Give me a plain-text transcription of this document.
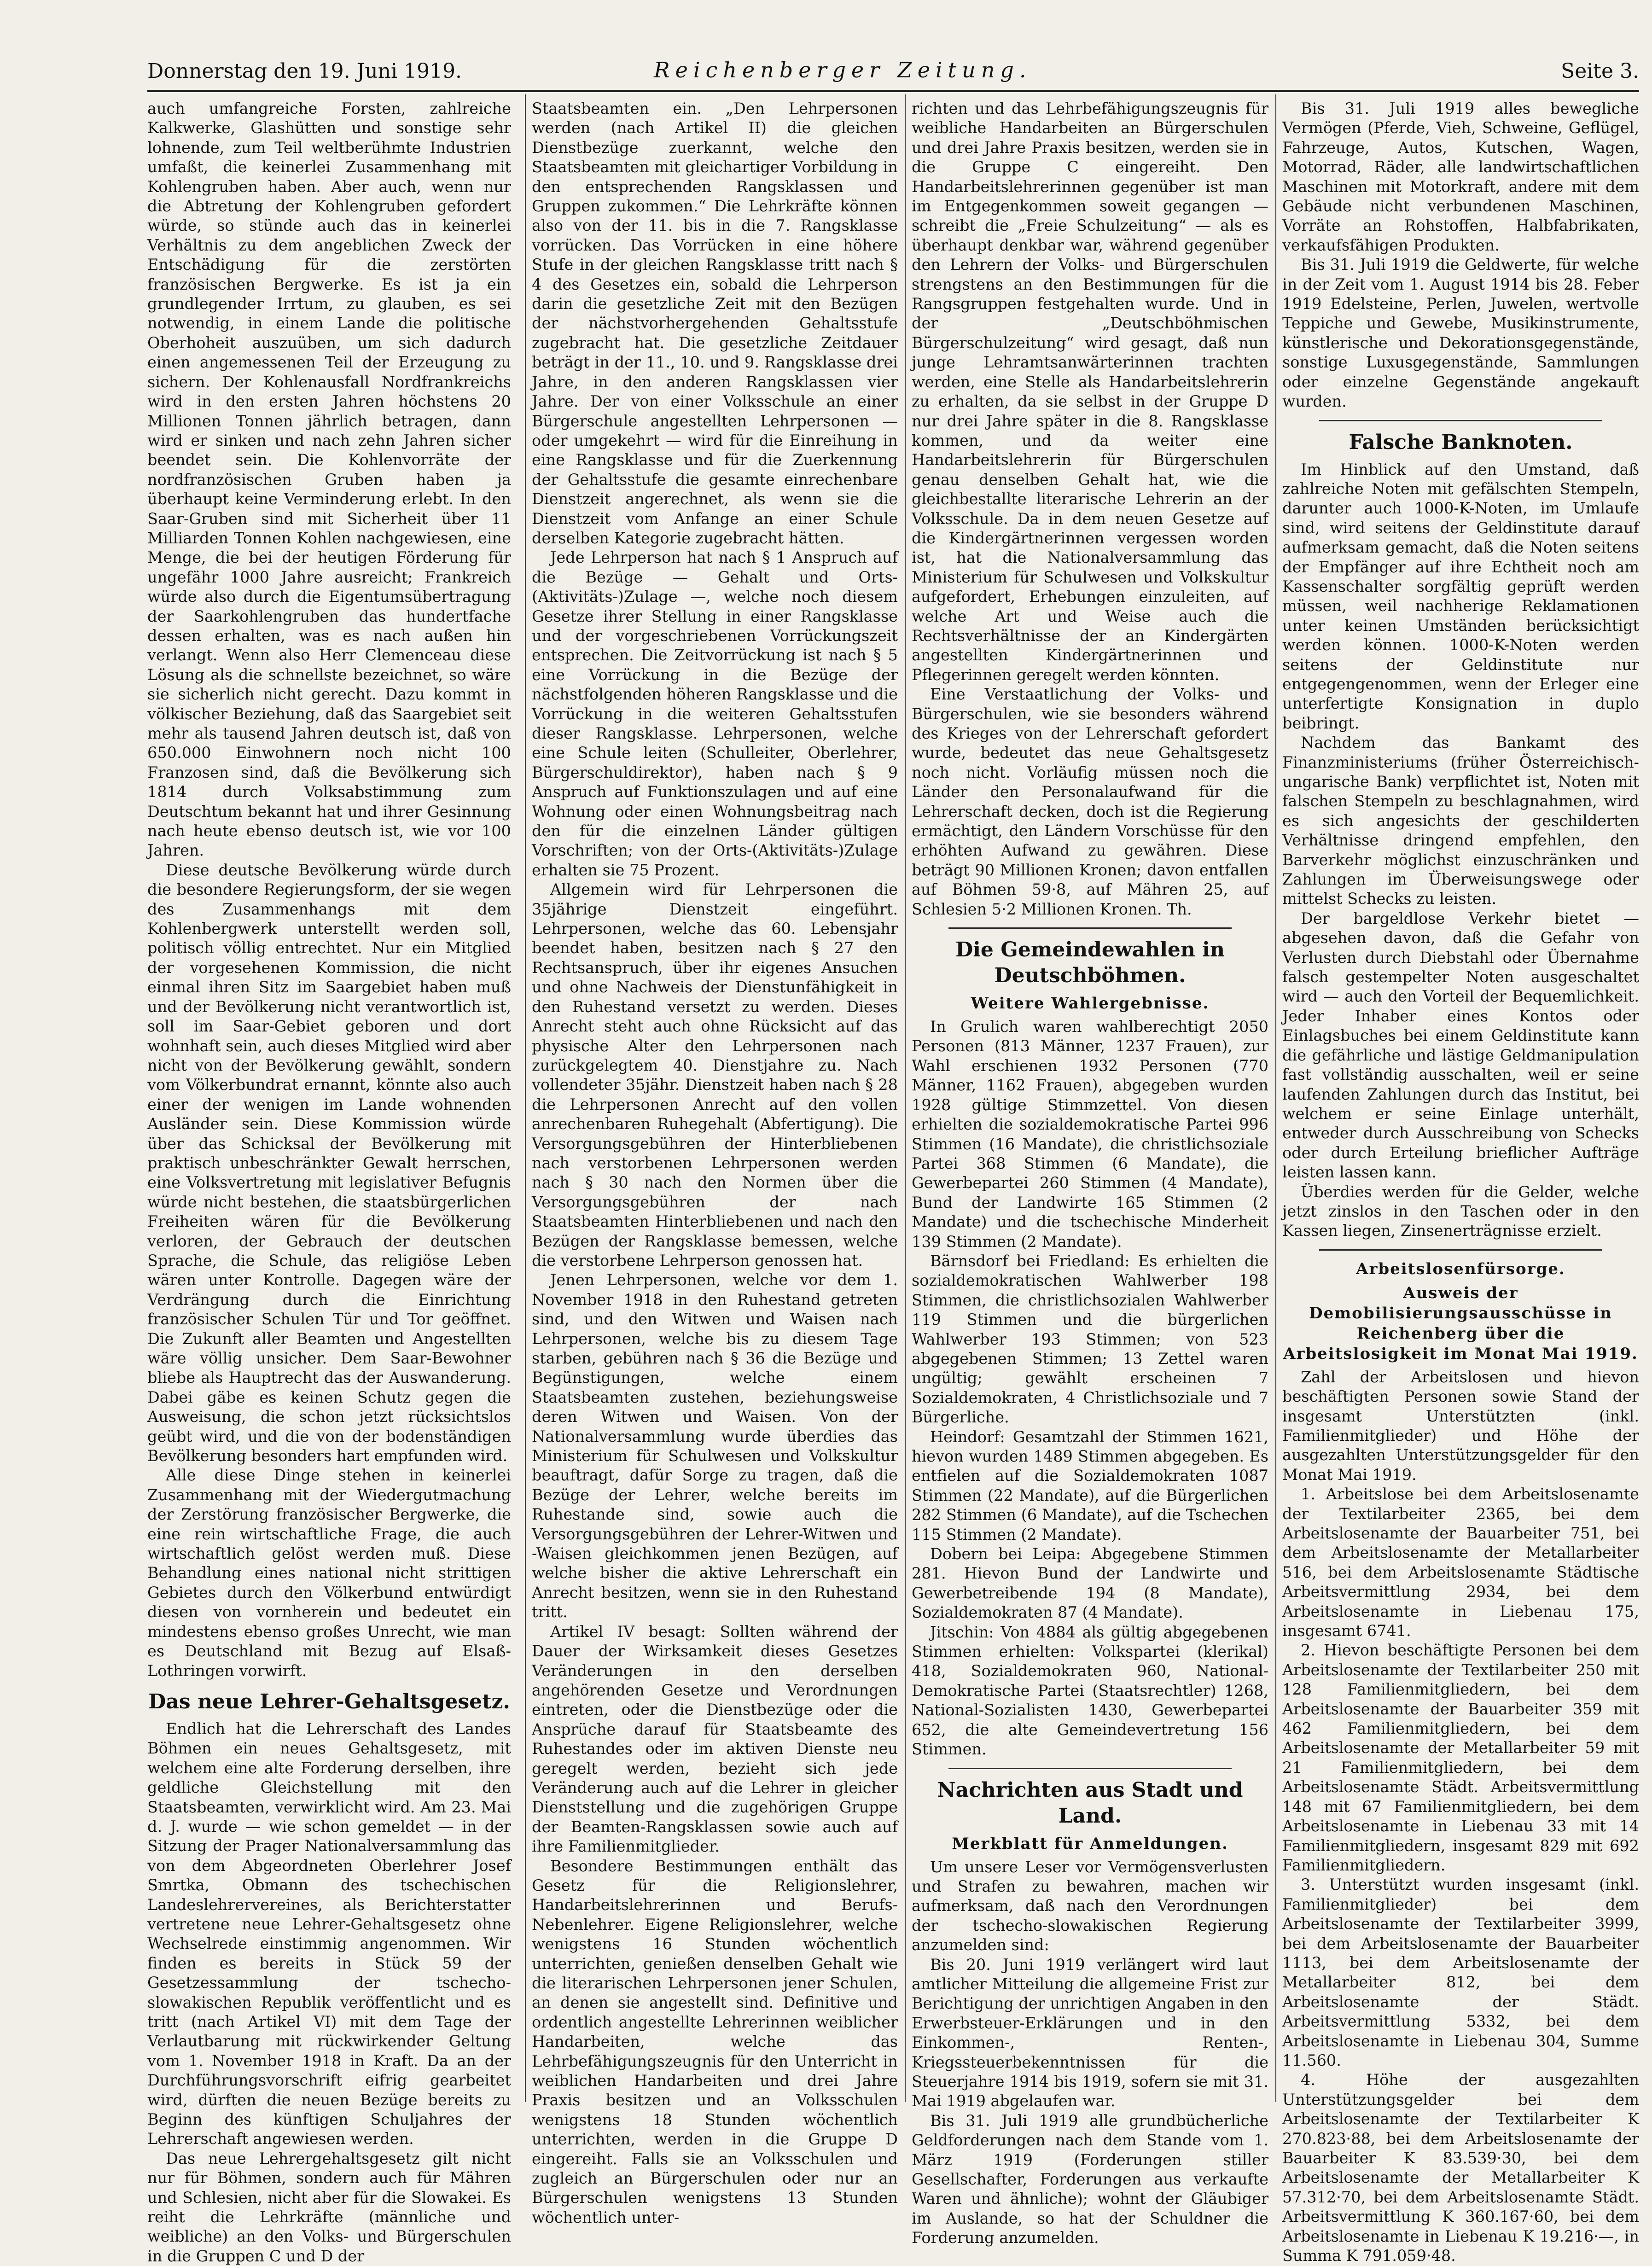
Donnerstag den 19. Juni 1919.	Reichenberger Zeitung.	Seite 3.

auch umfangreiche Forsten, zahlreiche Kalkwerke, Glashütten und sonstige sehr lohnende, zum Teil weltberühmte Industrien umfaßt, die keinerlei Zusammenhang mit Kohlengruben haben. Aber auch, wenn nur die Abtretung der Kohlengruben gefordert würde, so stünde auch das in keinerlei Verhältnis zu dem angeblichen Zweck der Entschädigung für die zerstörten französischen Bergwerke. Es ist ja ein grundlegender Irrtum, zu glauben, es sei notwendig, in einem Lande die politische Oberhoheit auszuüben, um sich dadurch einen angemessenen Teil der Erzeugung zu sichern. Der Kohlenausfall Nordfrankreichs wird in den ersten Jahren höchstens 20 Millionen Tonnen jährlich betragen, dann wird er sinken und nach zehn Jahren sicher beendet sein. Die Kohlenvorräte der nordfranzösischen Gruben haben ja überhaupt keine Verminderung erlebt. In den Saar-Gruben sind mit Sicherheit über 11 Milliarden Tonnen Kohlen nachgewiesen, eine Menge, die bei der heutigen Förderung für ungefähr 1000 Jahre ausreicht; Frankreich würde also durch die Eigentumsübertragung der Saarkohlengruben das hundertfache dessen erhalten, was es nach außen hin verlangt. Wenn also Herr Clemenceau diese Lösung als die schnellste bezeichnet, so wäre sie sicherlich nicht gerecht. Dazu kommt in völkischer Beziehung, daß das Saargebiet seit mehr als tausend Jahren deutsch ist, daß von 650.000 Einwohnern noch nicht 100 Franzosen sind, daß die Bevölkerung sich 1814 durch Volksabstimmung zum Deutschtum bekannt hat und ihrer Gesinnung nach heute ebenso deutsch ist, wie vor 100 Jahren.

Diese deutsche Bevölkerung würde durch die besondere Regierungsform, der sie wegen des Zusammenhangs mit dem Kohlenbergwerk unterstellt werden soll, politisch völlig entrechtet. Nur ein Mitglied der vorgesehenen Kommission, die nicht einmal ihren Sitz im Saargebiet haben muß und der Bevölkerung nicht verantwortlich ist, soll im Saar-Gebiet geboren und dort wohnhaft sein, auch dieses Mitglied wird aber nicht von der Bevölkerung gewählt, sondern vom Völkerbundrat ernannt, könnte also auch einer der wenigen im Lande wohnenden Ausländer sein. Diese Kommission würde über das Schicksal der Bevölkerung mit praktisch unbeschränkter Gewalt herrschen, eine Volksvertretung mit legislativer Befugnis würde nicht bestehen, die staatsbürgerlichen Freiheiten wären für die Bevölkerung verloren, der Gebrauch der deutschen Sprache, die Schule, das religiöse Leben wären unter Kontrolle. Dagegen wäre der Verdrängung durch die Einrichtung französischer Schulen Tür und Tor geöffnet. Die Zukunft aller Beamten und Angestellten wäre völlig unsicher. Dem Saar-Bewohner bliebe als Hauptrecht das der Auswanderung. Dabei gäbe es keinen Schutz gegen die Ausweisung, die schon jetzt rücksichtslos geübt wird, und die von der bodenständigen Bevölkerung besonders hart empfunden wird.

Alle diese Dinge stehen in keinerlei Zusammenhang mit der Wiedergutmachung der Zerstörung französischer Bergwerke, die eine rein wirtschaftliche Frage, die auch wirtschaftlich gelöst werden muß. Diese Behandlung eines national nicht strittigen Gebietes durch den Völkerbund entwürdigt diesen von vornherein und bedeutet ein mindestens ebenso großes Unrecht, wie man es Deutschland mit Bezug auf Elsaß-Lothringen vorwirft.

Das neue Lehrer-Gehaltsgesetz.

Endlich hat die Lehrerschaft des Landes Böhmen ein neues Gehaltsgesetz, mit welchem eine alte Forderung derselben, ihre geldliche Gleichstellung mit den Staatsbeamten, verwirklicht wird. Am 23. Mai d. J. wurde — wie schon gemeldet — in der Sitzung der Prager Nationalversammlung das von dem Abgeordneten Oberlehrer Josef Smrtka, Obmann des tschechischen Landeslehrervereines, als Berichterstatter vertretene neue Lehrer-Gehaltsgesetz ohne Wechselrede einstimmig angenommen. Wir finden es bereits in Stück 59 der Gesetzessammlung der tschecho-slowakischen Republik veröffentlicht und es tritt (nach Artikel VI) mit dem Tage der Verlautbarung mit rückwirkender Geltung vom 1. November 1918 in Kraft. Da an der Durchführungsvorschrift eifrig gearbeitet wird, dürften die neuen Bezüge bereits zu Beginn des künftigen Schuljahres der Lehrerschaft angewiesen werden.

Das neue Lehrergehaltsgesetz gilt nicht nur für Böhmen, sondern auch für Mähren und Schlesien, nicht aber für die Slowakei. Es reiht die Lehrkräfte (männliche und weibliche) an den Volks- und Bürgerschulen in die Gruppen C und D der

Staatsbeamten ein. „Den Lehrpersonen werden (nach Artikel II) die gleichen Dienstbezüge zuerkannt, welche den Staatsbeamten mit gleichartiger Vorbildung in den entsprechenden Rangsklassen und Gruppen zukommen.“ Die Lehrkräfte können also von der 11. bis in die 7. Rangsklasse vorrücken. Das Vorrücken in eine höhere Stufe in der gleichen Rangsklasse tritt nach § 4 des Gesetzes ein, sobald die Lehrperson darin die gesetzliche Zeit mit den Bezügen der nächstvorhergehenden Gehaltsstufe zugebracht hat. Die gesetzliche Zeitdauer beträgt in der 11., 10. und 9. Rangsklasse drei Jahre, in den anderen Rangsklassen vier Jahre. Der von einer Volksschule an einer Bürgerschule angestellten Lehrpersonen — oder umgekehrt — wird für die Einreihung in eine Rangsklasse und für die Zuerkennung der Gehaltsstufe die gesamte einrechenbare Dienstzeit angerechnet, als wenn sie die Dienstzeit vom Anfange an einer Schule derselben Kategorie zugebracht hätten.

Jede Lehrperson hat nach § 1 Anspruch auf die Bezüge — Gehalt und Orts-(Aktivitäts-)Zulage —, welche noch diesem Gesetze ihrer Stellung in einer Rangsklasse und der vorgeschriebenen Vorrückungszeit entsprechen. Die Zeitvorrückung ist nach § 5 eine Vorrückung in die Bezüge der nächstfolgenden höheren Rangsklasse und die Vorrückung in die weiteren Gehaltsstufen dieser Rangsklasse. Lehrpersonen, welche eine Schule leiten (Schulleiter, Oberlehrer, Bürgerschuldirektor), haben nach § 9 Anspruch auf Funktionszulagen und auf eine Wohnung oder einen Wohnungsbeitrag nach den für die einzelnen Länder gültigen Vorschriften; von der Orts-(Aktivitäts-)Zulage erhalten sie 75 Prozent.

Allgemein wird für Lehrpersonen die 35jährige Dienstzeit eingeführt. Lehrpersonen, welche das 60. Lebensjahr beendet haben, besitzen nach § 27 den Rechtsanspruch, über ihr eigenes Ansuchen und ohne Nachweis der Dienstunfähigkeit in den Ruhestand versetzt zu werden. Dieses Anrecht steht auch ohne Rücksicht auf das physische Alter den Lehrpersonen nach zurückgelegtem 40. Dienstjahre zu. Nach vollendeter 35jähr. Dienstzeit haben nach § 28 die Lehrpersonen Anrecht auf den vollen anrechenbaren Ruhegehalt (Abfertigung). Die Versorgungsgebühren der Hinterbliebenen nach verstorbenen Lehrpersonen werden nach § 30 nach den Normen über die Versorgungsgebühren der nach Staatsbeamten Hinterbliebenen und nach den Bezügen der Rangsklasse bemessen, welche die verstorbene Lehrperson genossen hat.

Jenen Lehrpersonen, welche vor dem 1. November 1918 in den Ruhestand getreten sind, und den Witwen und Waisen nach Lehrpersonen, welche bis zu diesem Tage starben, gebühren nach § 36 die Bezüge und Begünstigungen, welche einem Staatsbeamten zustehen, beziehungsweise deren Witwen und Waisen. Von der Nationalversammlung wurde überdies das Ministerium für Schulwesen und Volkskultur beauftragt, dafür Sorge zu tragen, daß die Bezüge der Lehrer, welche bereits im Ruhestande sind, sowie auch die Versorgungsgebühren der Lehrer-Witwen und -Waisen gleichkommen jenen Bezügen, auf welche bisher die aktive Lehrerschaft ein Anrecht besitzen, wenn sie in den Ruhestand tritt.

Artikel IV besagt: Sollten während der Dauer der Wirksamkeit dieses Gesetzes Veränderungen in den derselben angehörenden Gesetze und Verordnungen eintreten, oder die Dienstbezüge oder die Ansprüche darauf für Staatsbeamte des Ruhestandes oder im aktiven Dienste neu geregelt werden, bezieht sich jede Veränderung auch auf die Lehrer in gleicher Dienststellung und die zugehörigen Gruppe der Beamten-Rangsklassen sowie auch auf ihre Familienmitglieder.

Besondere Bestimmungen enthält das Gesetz für die Religionslehrer, Handarbeitslehrerinnen und Berufs-Nebenlehrer. Eigene Religionslehrer, welche wenigstens 16 Stunden wöchentlich unterrichten, genießen denselben Gehalt wie die literarischen Lehrpersonen jener Schulen, an denen sie angestellt sind. Definitive und ordentlich angestellte Lehrerinnen weiblicher Handarbeiten, welche das Lehrbefähigungszeugnis für den Unterricht in weiblichen Handarbeiten und drei Jahre Praxis besitzen und an Volksschulen wenigstens 18 Stunden wöchentlich unterrichten, werden in die Gruppe D eingereiht. Falls sie an Volksschulen und zugleich an Bürgerschulen oder nur an Bürgerschulen wenigstens 13 Stunden wöchentlich unter-

richten und das Lehrbefähigungszeugnis für weibliche Handarbeiten an Bürgerschulen und drei Jahre Praxis besitzen, werden sie in die Gruppe C eingereiht. Den Handarbeitslehrerinnen gegenüber ist man im Entgegenkommen soweit gegangen — schreibt die „Freie Schulzeitung“ — als es überhaupt denkbar war, während gegenüber den Lehrern der Volks- und Bürgerschulen strengstens an den Bestimmungen für die Rangsgruppen festgehalten wurde. Und in der „Deutschböhmischen Bürgerschulzeitung“ wird gesagt, daß nun junge Lehramtsanwärterinnen trachten werden, eine Stelle als Handarbeitslehrerin zu erhalten, da sie selbst in der Gruppe D nur drei Jahre später in die 8. Rangsklasse kommen, und da weiter eine Handarbeitslehrerin für Bürgerschulen genau denselben Gehalt hat, wie die gleichbestallte literarische Lehrerin an der Volksschule. Da in dem neuen Gesetze auf die Kindergärtnerinnen vergessen worden ist, hat die Nationalversammlung das Ministerium für Schulwesen und Volkskultur aufgefordert, Erhebungen einzuleiten, auf welche Art und Weise auch die Rechtsverhältnisse der an Kindergärten angestellten Kindergärtnerinnen und Pflegerinnen geregelt werden könnten.

Eine Verstaatlichung der Volks- und Bürgerschulen, wie sie besonders während des Krieges von der Lehrerschaft gefordert wurde, bedeutet das neue Gehaltsgesetz noch nicht. Vorläufig müssen noch die Länder den Personalaufwand für die Lehrerschaft decken, doch ist die Regierung ermächtigt, den Ländern Vorschüsse für den erhöhten Aufwand zu gewähren. Diese beträgt 90 Millionen Kronen; davon entfallen auf Böhmen 59·8, auf Mähren 25, auf Schlesien 5·2 Millionen Kronen. Th.

Die Gemeindewahlen in Deutschböhmen.
Weitere Wahlergebnisse.

In Grulich waren wahlberechtigt 2050 Personen (813 Männer, 1237 Frauen), zur Wahl erschienen 1932 Personen (770 Männer, 1162 Frauen), abgegeben wurden 1928 gültige Stimmzettel. Von diesen erhielten die sozialdemokratische Partei 996 Stimmen (16 Mandate), die christlichsoziale Partei 368 Stimmen (6 Mandate), die Gewerbepartei 260 Stimmen (4 Mandate), Bund der Landwirte 165 Stimmen (2 Mandate) und die tschechische Minderheit 139 Stimmen (2 Mandate).

Bärnsdorf bei Friedland: Es erhielten die sozialdemokratischen Wahlwerber 198 Stimmen, die christlichsozialen Wahlwerber 119 Stimmen und die bürgerlichen Wahlwerber 193 Stimmen; von 523 abgegebenen Stimmen; 13 Zettel waren ungültig; gewählt erscheinen 7 Sozialdemokraten, 4 Christlichsoziale und 7 Bürgerliche.

Heindorf: Gesamtzahl der Stimmen 1621, hievon wurden 1489 Stimmen abgegeben. Es entfielen auf die Sozialdemokraten 1087 Stimmen (22 Mandate), auf die Bürgerlichen 282 Stimmen (6 Mandate), auf die Tschechen 115 Stimmen (2 Mandate).

Dobern bei Leipa: Abgegebene Stimmen 281. Hievon Bund der Landwirte und Gewerbetreibende 194 (8 Mandate), Sozialdemokraten 87 (4 Mandate).

Jitschin: Von 4884 als gültig abgegebenen Stimmen erhielten: Volkspartei (klerikal) 418, Sozialdemokraten 960, National-Demokratische Partei (Staatsrechtler) 1268, National-Sozialisten 1430, Gewerbepartei 652, die alte Gemeindevertretung 156 Stimmen.

Nachrichten aus Stadt und Land.
Merkblatt für Anmeldungen.

Um unsere Leser vor Vermögensverlusten und Strafen zu bewahren, machen wir aufmerksam, daß nach den Verordnungen der tschecho-slowakischen Regierung anzumelden sind:

Bis 20. Juni 1919 verlängert wird laut amtlicher Mitteilung die allgemeine Frist zur Berichtigung der unrichtigen Angaben in den Erwerbsteuer-Erklärungen und in den Einkommen-, Renten-, Kriegssteuerbekenntnissen für die Steuerjahre 1914 bis 1919, sofern sie mit 31. Mai 1919 abgelaufen war.

Bis 31. Juli 1919 alle grundbücherliche Geldforderungen nach dem Stande vom 1. März 1919 (Forderungen stiller Gesellschafter, Forderungen aus verkaufte Waren und ähnliche); wohnt der Gläubiger im Auslande, so hat der Schuldner die Forderung anzumelden.

Bis 31. Juli 1919 alles bewegliche Vermögen (Pferde, Vieh, Schweine, Geflügel, Fahrzeuge, Autos, Kutschen, Wagen, Motorrad, Räder, alle landwirtschaftlichen Maschinen mit Motorkraft, andere mit dem Gebäude nicht verbundenen Maschinen, Vorräte an Rohstoffen, Halbfabrikaten, verkaufsfähigen Produkten.

Bis 31. Juli 1919 die Geldwerte, für welche in der Zeit vom 1. August 1914 bis 28. Feber 1919 Edelsteine, Perlen, Juwelen, wertvolle Teppiche und Gewebe, Musikinstrumente, künstlerische und Dekorationsgegenstände, sonstige Luxusgegenstände, Sammlungen oder einzelne Gegenstände angekauft wurden.

Falsche Banknoten.

Im Hinblick auf den Umstand, daß zahlreiche Noten mit gefälschten Stempeln, darunter auch 1000-K-Noten, im Umlaufe sind, wird seitens der Geldinstitute darauf aufmerksam gemacht, daß die Noten seitens der Empfänger auf ihre Echtheit noch am Kassenschalter sorgfältig geprüft werden müssen, weil nachherige Reklamationen unter keinen Umständen berücksichtigt werden können. 1000-K-Noten werden seitens der Geldinstitute nur entgegengenommen, wenn der Erleger eine unterfertigte Konsignation in duplo beibringt.

Nachdem das Bankamt des Finanzministeriums (früher Österreichisch-ungarische Bank) verpflichtet ist, Noten mit falschen Stempeln zu beschlagnahmen, wird es sich angesichts der geschilderten Verhältnisse dringend empfehlen, den Barverkehr möglichst einzuschränken und Zahlungen im Überweisungswege oder mittelst Schecks zu leisten.

Der bargeldlose Verkehr bietet — abgesehen davon, daß die Gefahr von Verlusten durch Diebstahl oder Übernahme falsch gestempelter Noten ausgeschaltet wird — auch den Vorteil der Bequemlichkeit. Jeder Inhaber eines Kontos oder Einlagsbuches bei einem Geldinstitute kann die gefährliche und lästige Geldmanipulation fast vollständig ausschalten, weil er seine laufenden Zahlungen durch das Institut, bei welchem er seine Einlage unterhält, entweder durch Ausschreibung von Schecks oder durch Erteilung brieflicher Aufträge leisten lassen kann.

Überdies werden für die Gelder, welche jetzt zinslos in den Taschen oder in den Kassen liegen, Zinsenerträgnisse erzielt.

Arbeitslosenfürsorge.
Ausweis der Demobilisierungsausschüsse in Reichenberg über die Arbeitslosigkeit im Monat Mai 1919.

Zahl der Arbeitslosen und hievon beschäftigten Personen sowie Stand der insgesamt Unterstützten (inkl. Familienmitglieder) und Höhe der ausgezahlten Unterstützungsgelder für den Monat Mai 1919.

1. Arbeitslose bei dem Arbeitslosenamte der Textilarbeiter 2365, bei dem Arbeitslosenamte der Bauarbeiter 751, bei dem Arbeitslosenamte der Metallarbeiter 516, bei dem Arbeitslosenamte Städtische Arbeitsvermittlung 2934, bei dem Arbeitslosenamte in Liebenau 175, insgesamt 6741.

2. Hievon beschäftigte Personen bei dem Arbeitslosenamte der Textilarbeiter 250 mit 128 Familienmitgliedern, bei dem Arbeitslosenamte der Bauarbeiter 359 mit 462 Familienmitgliedern, bei dem Arbeitslosenamte der Metallarbeiter 59 mit 21 Familienmitgliedern, bei dem Arbeitslosenamte Städt. Arbeitsvermittlung 148 mit 67 Familienmitgliedern, bei dem Arbeitslosenamte in Liebenau 33 mit 14 Familienmitgliedern, insgesamt 829 mit 692 Familienmitgliedern.

3. Unterstützt wurden insgesamt (inkl. Familienmitglieder) bei dem Arbeitslosenamte der Textilarbeiter 3999, bei dem Arbeitslosenamte der Bauarbeiter 1113, bei dem Arbeitslosenamte der Metallarbeiter 812, bei dem Arbeitslosenamte der Städt. Arbeitsvermittlung 5332, bei dem Arbeitslosenamte in Liebenau 304, Summe 11.560.

4. Höhe der ausgezahlten Unterstützungsgelder bei dem Arbeitslosenamte der Textilarbeiter K 270.823·88, bei dem Arbeitslosenamte der Bauarbeiter K 83.539·30, bei dem Arbeitslosenamte der Metallarbeiter K 57.312·70, bei dem Arbeitslosenamte Städt. Arbeitsvermittlung K 360.167·60, bei dem Arbeitslosenamte in Liebenau K 19.216·—, in Summa K 791.059·48.
